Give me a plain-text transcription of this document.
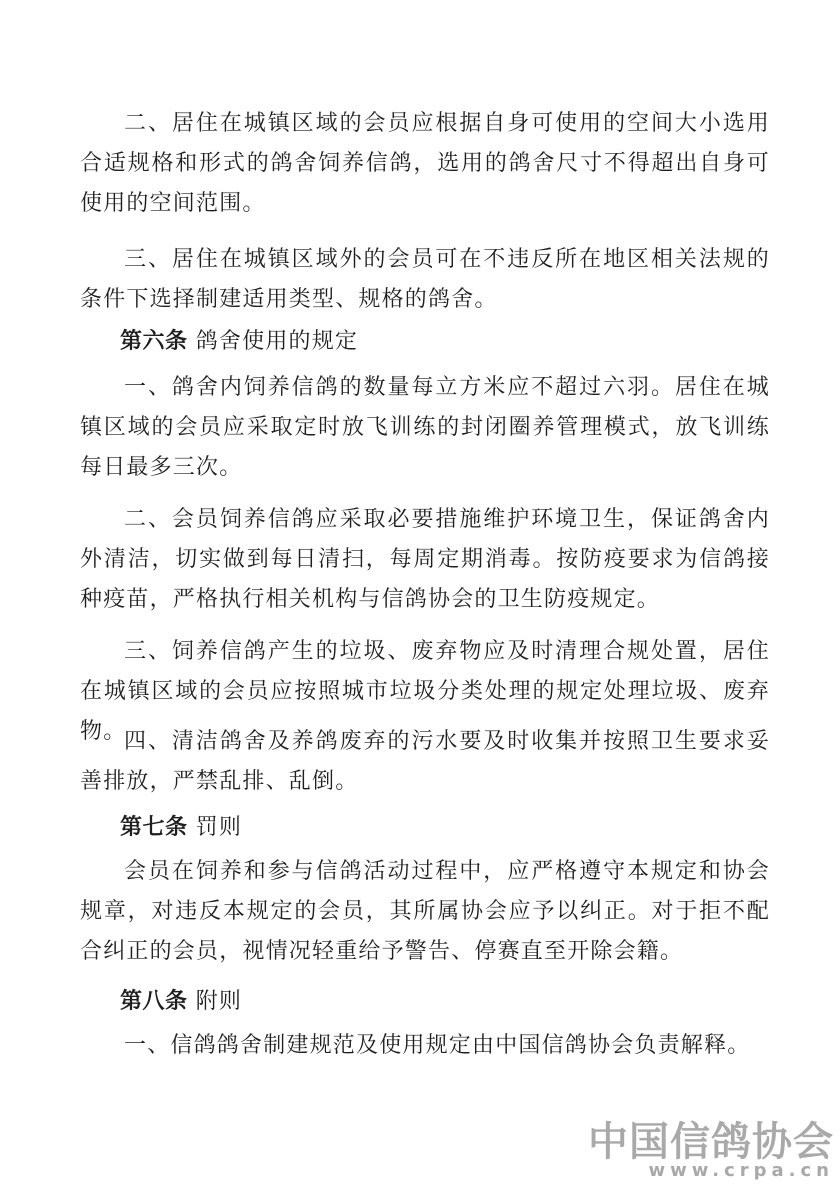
二、居住在城镇区域的会员应根据自身可使用的空间大小选用合适规格和形式的鸽舍饲养信鸽，选用的鸽舍尺寸不得超出自身可使用的空间范围。

三、居住在城镇区域外的会员可在不违反所在地区相关法规的条件下选择制建适用类型、规格的鸽舍。

第六条 鸽舍使用的规定

一、鸽舍内饲养信鸽的数量每立方米应不超过六羽。居住在城镇区域的会员应采取定时放飞训练的封闭圈养管理模式，放飞训练每日最多三次。

二、会员饲养信鸽应采取必要措施维护环境卫生，保证鸽舍内外清洁，切实做到每日清扫，每周定期消毒。按防疫要求为信鸽接种疫苗，严格执行相关机构与信鸽协会的卫生防疫规定。

三、饲养信鸽产生的垃圾、废弃物应及时清理合规处置，居住在城镇区域的会员应按照城市垃圾分类处理的规定处理垃圾、废弃物。

四、清洁鸽舍及养鸽废弃的污水要及时收集并按照卫生要求妥善排放，严禁乱排、乱倒。

第七条 罚则

会员在饲养和参与信鸽活动过程中，应严格遵守本规定和协会规章，对违反本规定的会员，其所属协会应予以纠正。对于拒不配合纠正的会员，视情况轻重给予警告、停赛直至开除会籍。

第八条 附则

一、信鸽鸽舍制建规范及使用规定由中国信鸽协会负责解释。

中国信鸽协会
www.crpa.cn
